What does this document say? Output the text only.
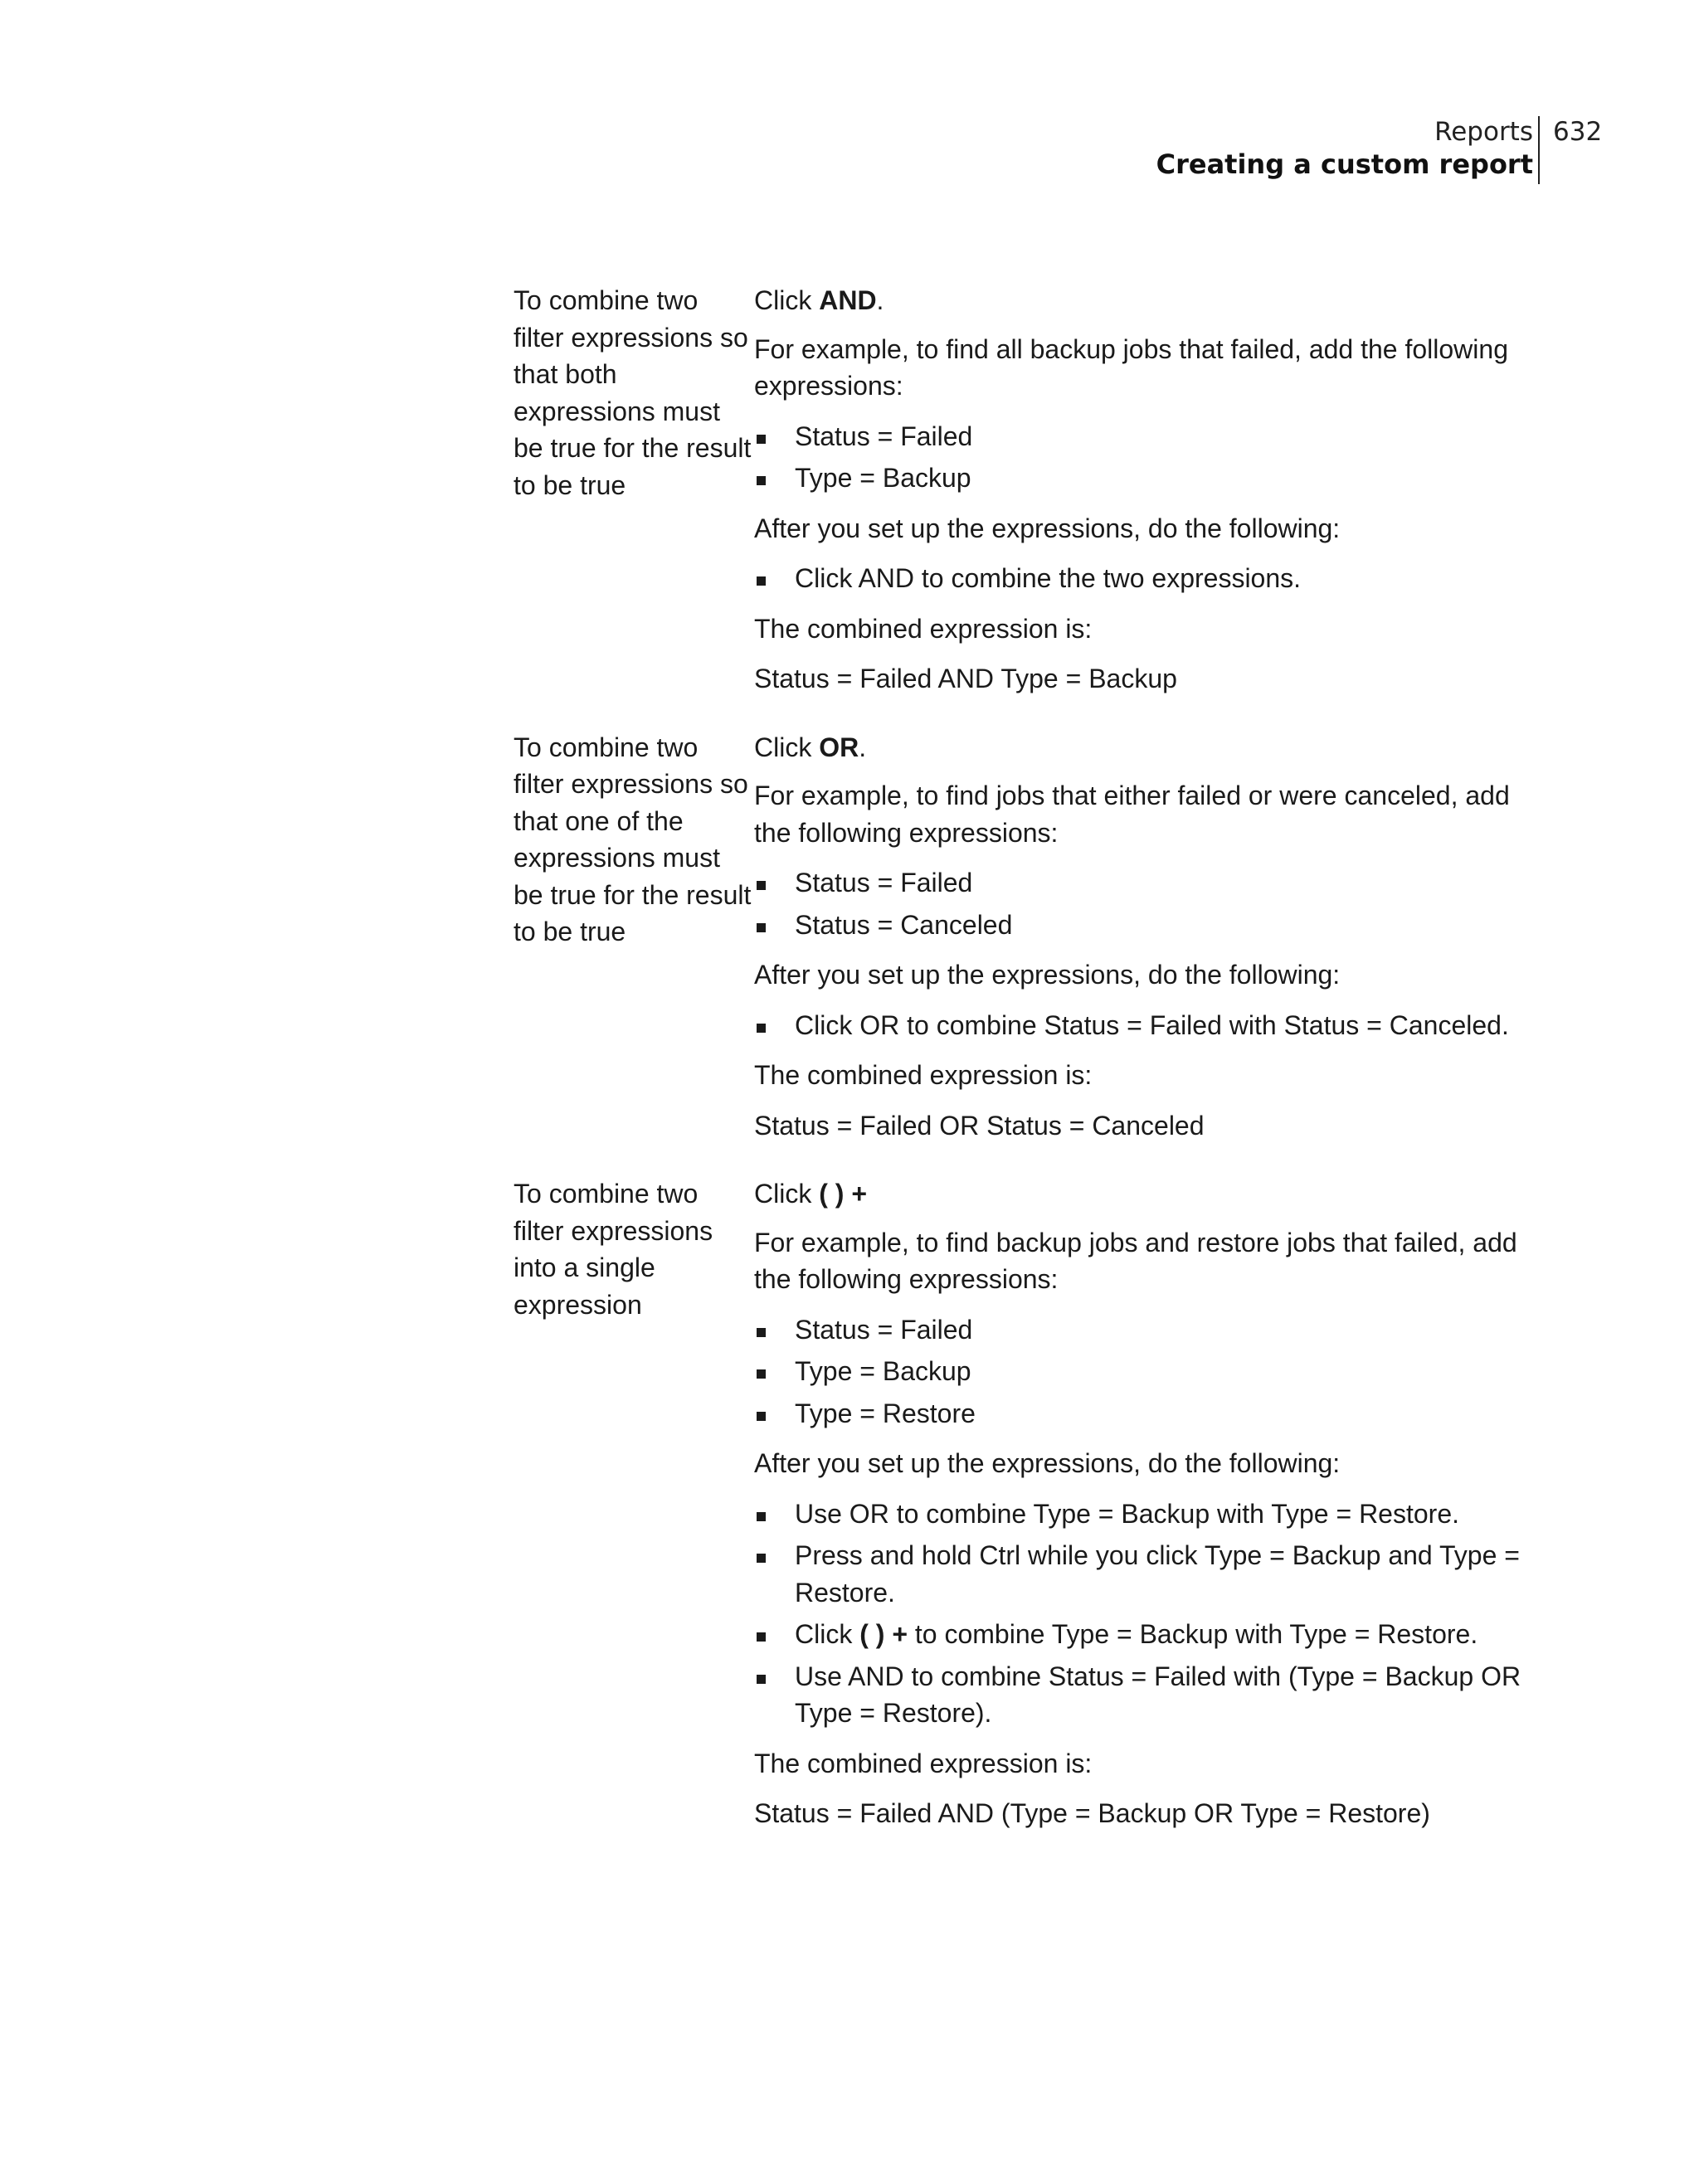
Reports
Creating a custom report
632
To combine two filter expressions so that both expressions must be true for the result to be true

Click AND.

For example, to find all backup jobs that failed, add the following expressions:

Status = Failed
Type = Backup

After you set up the expressions, do the following:

Click AND to combine the two expressions.

The combined expression is:

Status = Failed AND Type = Backup

To combine two filter expressions so that one of the expressions must be true for the result to be true

Click OR.

For example, to find jobs that either failed or were canceled, add the following expressions:

Status = Failed
Status = Canceled

After you set up the expressions, do the following:

Click OR to combine Status = Failed with Status = Canceled.

The combined expression is:

Status = Failed OR Status = Canceled

To combine two filter expressions into a single expression

Click ( ) +

For example, to find backup jobs and restore jobs that failed, add the following expressions:

Status = Failed
Type = Backup
Type = Restore

After you set up the expressions, do the following:

Use OR to combine Type = Backup with Type = Restore.
Press and hold Ctrl while you click Type = Backup and Type = Restore.
Click ( ) + to combine Type = Backup with Type = Restore.
Use AND to combine Status = Failed with (Type = Backup OR Type = Restore).

The combined expression is:

Status = Failed AND (Type = Backup OR Type = Restore)
